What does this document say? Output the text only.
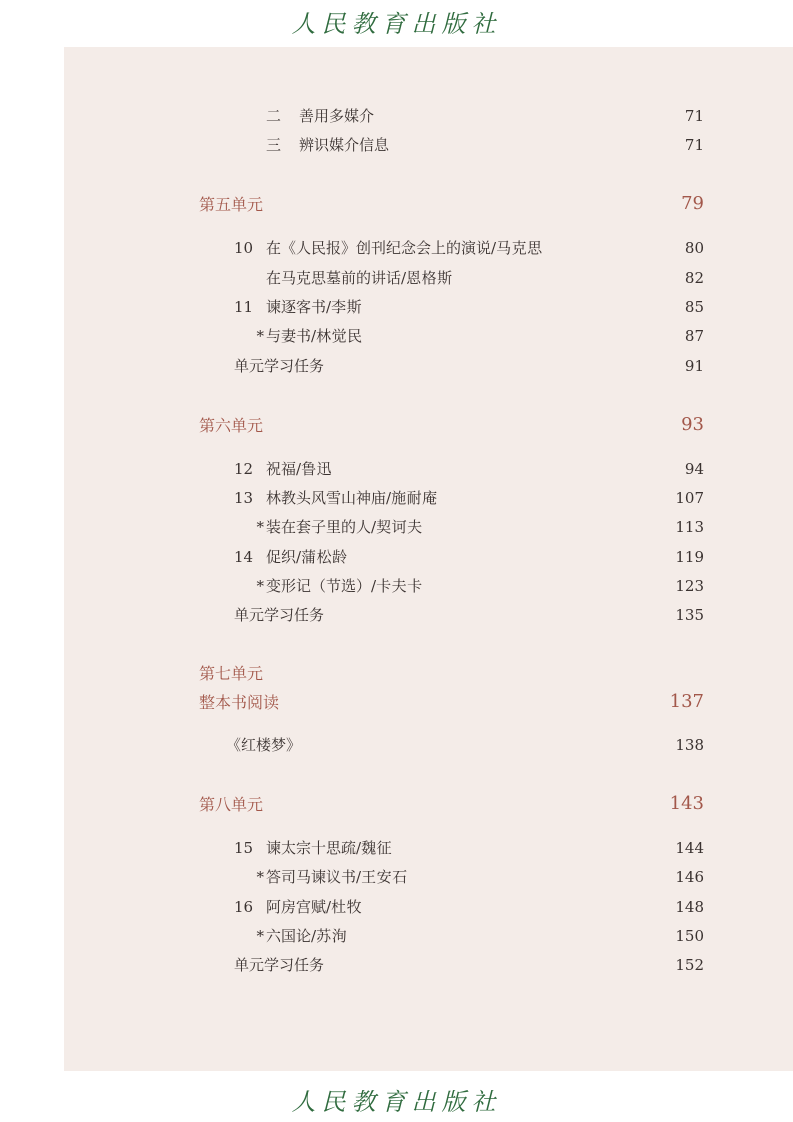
人民教育出版社
二 善用多媒介	71
三 辨识媒介信息	71
第五单元	79
10 在《人民报》创刊纪念会上的演说/马克思	80
在马克思墓前的讲话/恩格斯	82
11 谏逐客书/李斯	85
* 与妻书/林觉民	87
单元学习任务	91
第六单元	93
12 祝福/鲁迅	94
13 林教头风雪山神庙/施耐庵	107
* 装在套子里的人/契诃夫	113
14 促织/蒲松龄	119
* 变形记（节选）/卡夫卡	123
单元学习任务	135
第七单元
整本书阅读	137
《红楼梦》	138
第八单元	143
15 谏太宗十思疏/魏征	144
* 答司马谏议书/王安石	146
16 阿房宫赋/杜牧	148
* 六国论/苏洵	150
单元学习任务	152
人民教育出版社
